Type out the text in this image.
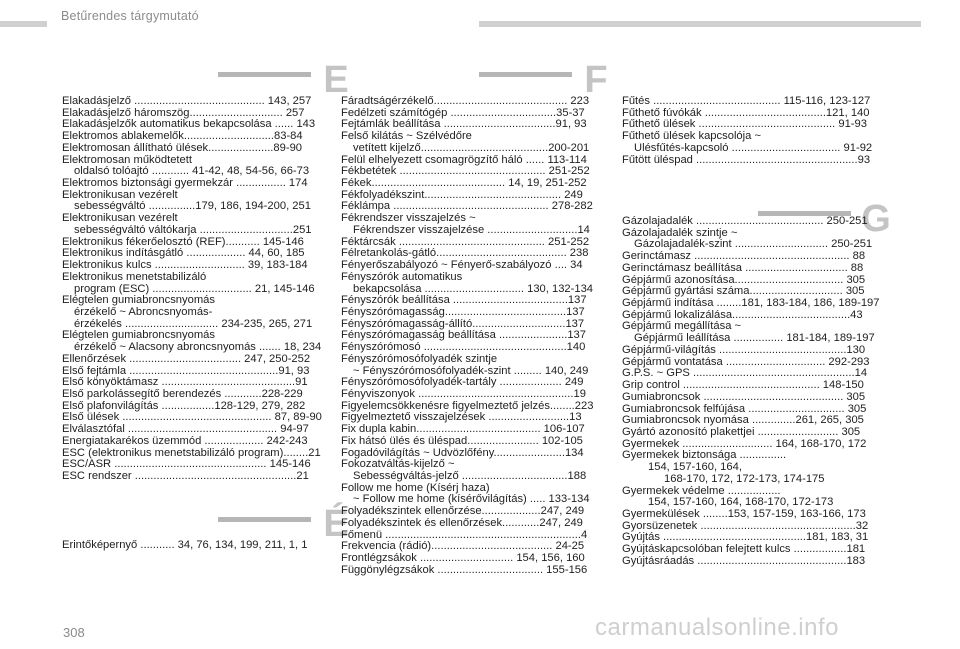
Betűrendes tárgymutató
E
Elakadásjelző .......................................... 143, 257
Elakadásjelző háromszög.............................. 257
Elakadásjelzők automatikus bekapcsolása ...... 143
Elektromos ablakemelők.............................83-84
Elektromosan állítható ülések.....................89-90
Elektromosan működtetett
oldalsó tolóajtó ............ 41-42, 48, 54-56, 66-73
Elektromos biztonsági gyermekzár ................ 174
Elektronikusan vezérelt
sebességváltó ...............179, 186, 194-200, 251
Elektronikusan vezérelt
sebességváltó váltókarja ..............................251
Elektronikus fékerőelosztó (REF)........... 145-146
Elektronikus indításgátló ................... 44, 60, 185
Elektronikus kulcs ............................. 39, 183-184
Elektronikus menetstabilizáló
program (ESC) ................................ 21, 145-146
Elégtelen gumiabroncsnyomás
érzékelő ~ Abroncsnyomás-
érzékelés .............................. 234-235, 265, 271
Elégtelen gumiabroncsnyomás
érzékelő ~ Alacsony abroncsnyomás ....... 18, 234
Ellenőrzések .................................... 247, 250-252
Első fejtámla ................................................91, 93
Első könyöktámasz ...........................................91
Első parkolássegítő berendezés ............228-229
Első plafonvilágítás .................128-129, 279, 282
Első ülések ................................................ 87, 89-90
Elválasztófal ................................................ 94-97
Energiatakarékos üzemmód ................... 242-243
ESC (elektronikus menetstabilizáló program)........21
ESC/ASR ................................................. 145-146
ESC rendszer ....................................................21
É
Érintőképernyő ........... 34, 76, 134, 199, 211, 1, 1
F
Fáradtságérzékelő........................................... 223
Fedélzeti számítógép ..................................35-37
Fejtámlák beállítása ....................................91, 93
Felső kilátás ~ Szélvédőre
vetített kijelző.........................................200-201
Felül elhelyezett csomagrögzítő háló ...... 113-114
Fékbetétek ............................................... 251-252
Fékek........................................... 14, 19, 251-252
Fékfolyadékszint............................................ 249
Féklámpa .................................................. 278-282
Fékrendszer visszajelzés ~
Fékrendszer visszajelzése .............................14
Féktárcsák ............................................... 251-252
Félretankolás-gátló.......................................... 238
Fényerőszabályozó ~ Fényerő-szabályozó .... 34
Fényszórók automatikus
bekapcsolása ................................ 130, 132-134
Fényszórók beállítása .....................................137
Fényszórómagasság.......................................137
Fényszórómagasság-állító..............................137
Fényszórómagasság beállítása ......................137
Fényszórómosó ..............................................140
Fényszórómosófolyadék szintje
~ Fényszórómosófolyadék-szint ......... 140, 249
Fényszórómosófolyadék-tartály .................... 249
Fényviszonyok ..................................................19
Figyelemcsökkenésre figyelmeztető jelzés........223
Figyelmeztető visszajelzések ..........................13
Fix dupla kabin........................................ 106-107
Fix hátsó ülés és üléspad....................... 102-105
Fogadóvilágítás ~ Üdvözlőfény.......................134
Fokozatváltás-kijelző ~
Sebességváltás-jelző ..................................188
Follow me home (Kísérj haza)
~ Follow me home (kísérővilágítás) ..... 133-134
Folyadékszintek ellenőrzése...................247, 249
Folyadékszintek és ellenőrzések............247, 249
Főmenü ...............................................................4
Frekvencia (rádió)....................................... 24-25
Frontlégzsákok .............................. 154, 156, 160
Függönylégzsákok .................................. 155-156
Fűtés ......................................... 115-116, 123-127
Fűthető fúvókák .......................................121, 140
Fűthető ülések ............................................ 91-93
Fűthető ülések kapcsolója ~
Ülésfűtés-kapcsoló ................................... 91-92
Fűtött üléspad ....................................................93
G
Gázolajadalék ......................................... 250-251
Gázolajadalék szintje ~
Gázolajadalék-szint .............................. 250-251
Gerinctámasz .................................................. 88
Gerinctámasz beállítása ................................. 88
Gépjármű azonosítása................................... 305
Gépjármű gyártási száma.............................. 305
Gépjármű indítása ........181, 183-184, 186, 189-197
Gépjármű lokalizálása......................................43
Gépjármű megállítása ~
Gépjármű leállítása ................ 181-184, 189-197
Gépjármű-világítás .........................................130
Gépjármű vontatása ................................ 292-293
G.P.S. ~ GPS ....................................................14
Grip control ............................................ 148-150
Gumiabroncsok ............................................. 305
Gumiabroncsok felfújása ............................... 305
Gumiabroncsok nyomása ..............261, 265, 305
Gyártó azonosító plakettjei .......................... 305
Gyermekek ............................. 164, 168-170, 172
Gyermekek biztonsága ...............
154, 157-160, 164,
168-170, 172, 172-173, 174-175
Gyermekek védelme .................
154, 157-160, 164, 168-170, 172-173
Gyermekülések ........153, 157-159, 163-166, 173
Gyorsüzenetek ..................................................32
Gyújtás ..............................................181, 183, 31
Gyújtáskapcsolóban felejtett kulcs .................181
Gyújtásráadás ................................................183
308	carmanualsonline.info
